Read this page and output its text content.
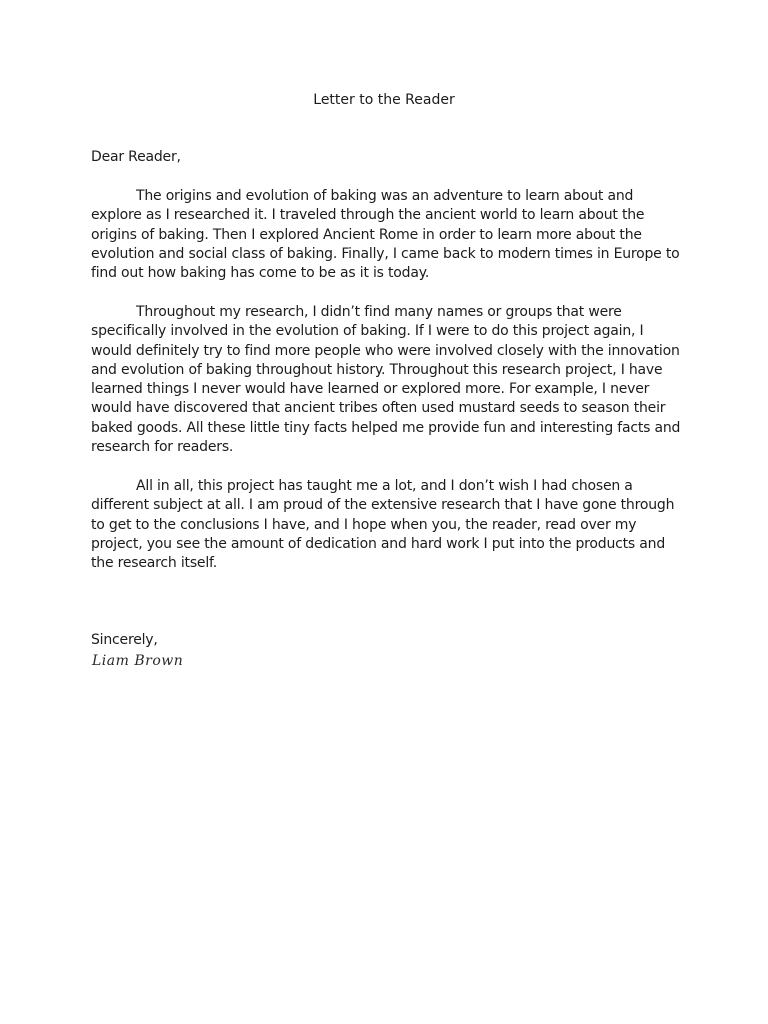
Letter to the Reader
Dear Reader,

The origins and evolution of baking was an adventure to learn about and explore as I researched it. I traveled through the ancient world to learn about the origins of baking. Then I explored Ancient Rome in order to learn more about the evolution and social class of baking. Finally, I came back to modern times in Europe to find out how baking has come to be as it is today.

Throughout my research, I didn’t find many names or groups that were specifically involved in the evolution of baking. If I were to do this project again, I would definitely try to find more people who were involved closely with the innovation and evolution of baking throughout history. Throughout this research project, I have learned things I never would have learned or explored more. For example, I never would have discovered that ancient tribes often used mustard seeds to season their baked goods. All these little tiny facts helped me provide fun and interesting facts and research for readers.

All in all, this project has taught me a lot, and I don’t wish I had chosen a different subject at all. I am proud of the extensive research that I have gone through to get to the conclusions I have, and I hope when you, the reader, read over my project, you see the amount of dedication and hard work I put into the products and the research itself.

Sincerely,
Liam Brown
